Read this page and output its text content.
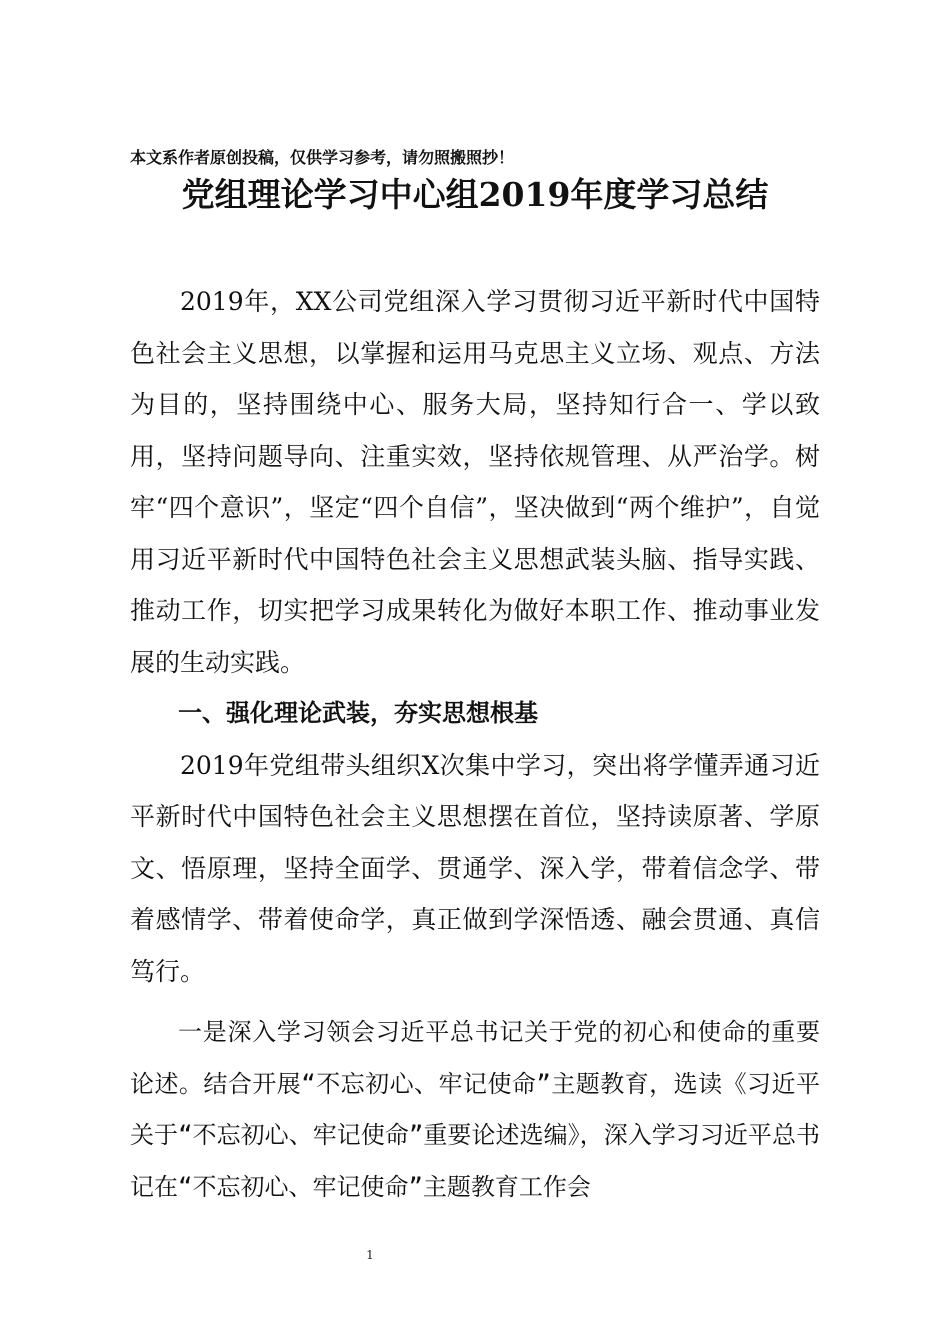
本文系作者原创投稿，仅供学习参考，请勿照搬照抄！
党组理论学习中心组2019年度学习总结

2019年，XX公司党组深入学习贯彻习近平新时代中国特色社会主义思想，以掌握和运用马克思主义立场、观点、方法为目的，坚持围绕中心、服务大局，坚持知行合一、学以致用，坚持问题导向、注重实效，坚持依规管理、从严治学。树牢“四个意识”，坚定“四个自信”，坚决做到“两个维护”，自觉用习近平新时代中国特色社会主义思想武装头脑、指导实践、推动工作，切实把学习成果转化为做好本职工作、推动事业发展的生动实践。

一、强化理论武装，夯实思想根基

2019年党组带头组织X次集中学习，突出将学懂弄通习近平新时代中国特色社会主义思想摆在首位，坚持读原著、学原文、悟原理，坚持全面学、贯通学、深入学，带着信念学、带着感情学、带着使命学，真正做到学深悟透、融会贯通、真信笃行。

一是深入学习领会习近平总书记关于党的初心和使命的重要论述。结合开展“不忘初心、牢记使命”主题教育，选读《习近平关于“不忘初心、牢记使命”重要论述选编》，深入学习习近平总书记在“不忘初心、牢记使命”主题教育工作会

1
